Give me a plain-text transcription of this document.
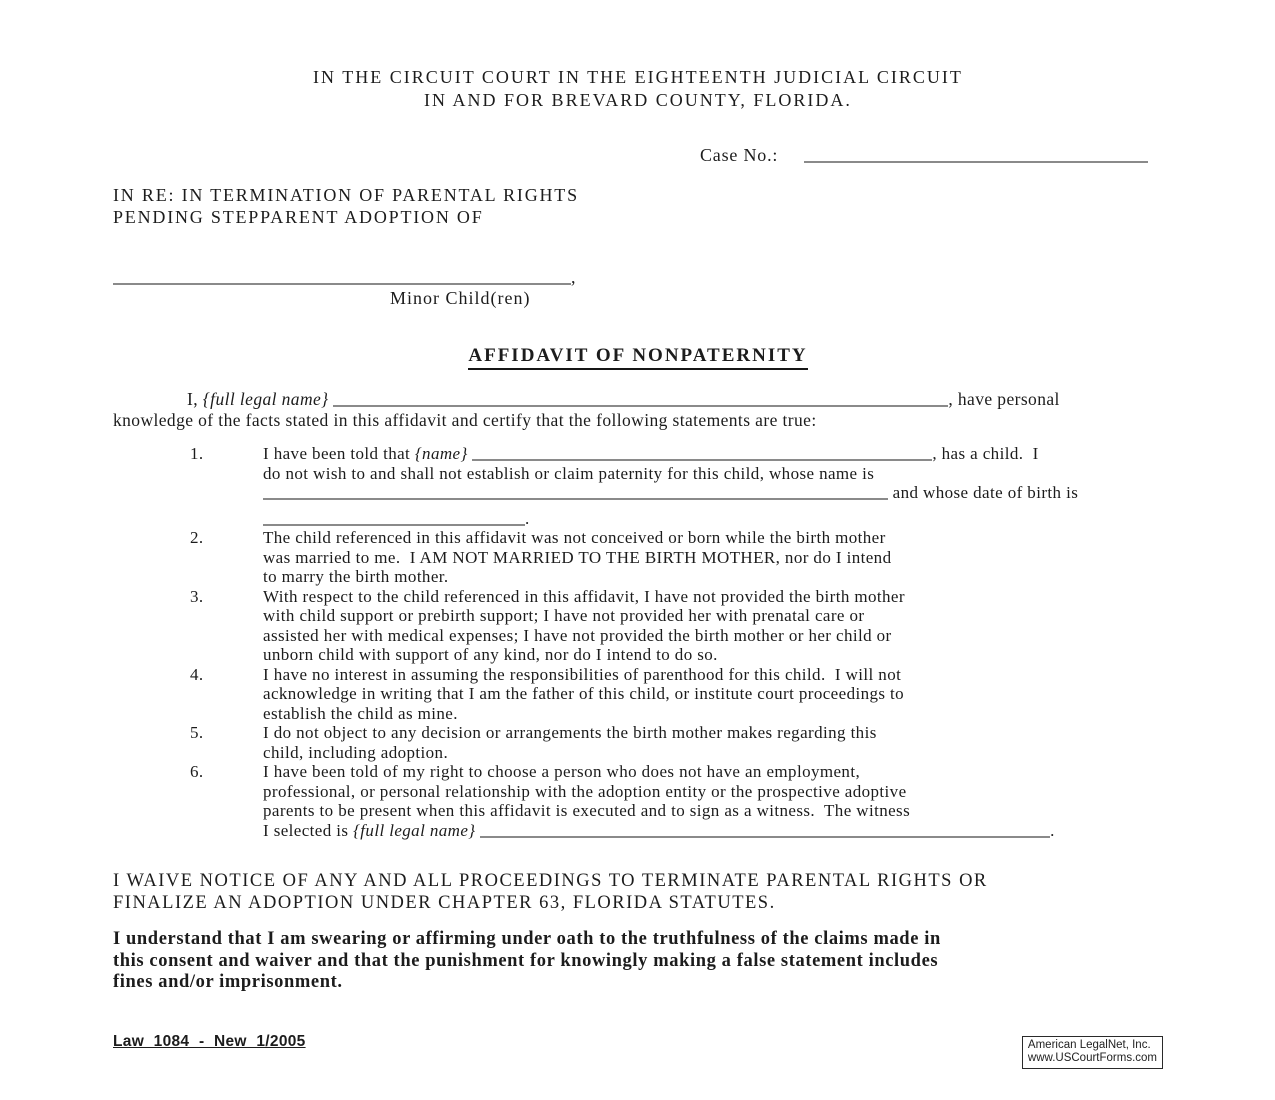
IN THE CIRCUIT COURT IN THE EIGHTEENTH JUDICIAL CIRCUIT
IN AND FOR BREVARD COUNTY, FLORIDA.
Case No.:
IN RE: IN TERMINATION OF PARENTAL RIGHTS
PENDING STEPPARENT ADOPTION OF
,
Minor Child(ren)
AFFIDAVIT OF NONPATERNITY
I, {full legal name}	, have personal
knowledge of the facts stated in this affidavit and certify that the following statements are true:
1.	I have been told that {name}	, has a child.  I
do not wish to and shall not establish or claim paternity for this child, whose name is
and whose date of birth is
.
2.	The child referenced in this affidavit was not conceived or born while the birth mother
was married to me.  I AM NOT MARRIED TO THE BIRTH MOTHER, nor do I intend
to marry the birth mother.
3.	With respect to the child referenced in this affidavit, I have not provided the birth mother
with child support or prebirth support; I have not provided her with prenatal care or
assisted her with medical expenses; I have not provided the birth mother or her child or
unborn child with support of any kind, nor do I intend to do so.
4.	I have no interest in assuming the responsibilities of parenthood for this child.  I will not
acknowledge in writing that I am the father of this child, or institute court proceedings to
establish the child as mine.
5.	I do not object to any decision or arrangements the birth mother makes regarding this
child, including adoption.
6.	I have been told of my right to choose a person who does not have an employment,
professional, or personal relationship with the adoption entity or the prospective adoptive
parents to be present when this affidavit is executed and to sign as a witness.  The witness
I selected is {full legal name}	.
I WAIVE NOTICE OF ANY AND ALL PROCEEDINGS TO TERMINATE PARENTAL RIGHTS OR
FINALIZE AN ADOPTION UNDER CHAPTER 63, FLORIDA STATUTES.
I understand that I am swearing or affirming under oath to the truthfulness of the claims made in
this consent and waiver and that the punishment for knowingly making a false statement includes
fines and/or imprisonment.
Law 1084 - New 1/2005	American LegalNet, Inc.
www.USCourtForms.com
